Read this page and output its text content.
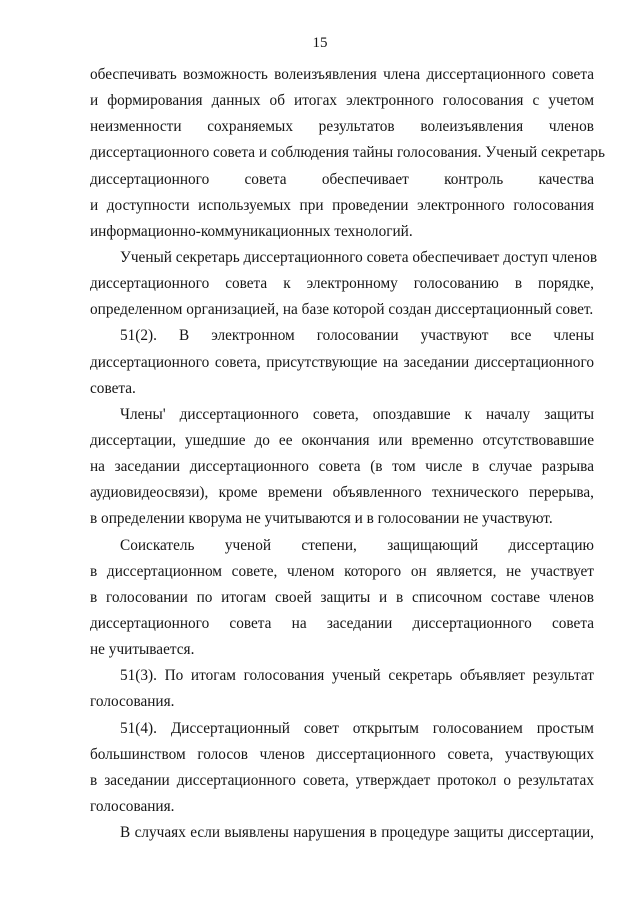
15
обеспечивать возможность волеизъявления члена диссертационного совета
и формирования данных об итогах электронного голосования с учетом
неизменности сохраняемых результатов волеизъявления членов
диссертационного совета и соблюдения тайны голосования. Ученый секретарь
диссертационного совета обеспечивает контроль качества
и доступности используемых при проведении электронного голосования
информационно-коммуникационных технологий.
Ученый секретарь диссертационного совета обеспечивает доступ членов
диссертационного совета к электронному голосованию в порядке,
определенном организацией, на базе которой создан диссертационный совет.
51(2). В электронном голосовании участвуют все члены
диссертационного совета, присутствующие на заседании диссертационного
совета.
Члены' диссертационного совета, опоздавшие к началу защиты
диссертации, ушедшие до ее окончания или временно отсутствовавшие
на заседании диссертационного совета (в том числе в случае разрыва
аудиовидеосвязи), кроме времени объявленного технического перерыва,
в определении кворума не учитываются и в голосовании не участвуют.
Соискатель ученой степени, защищающий диссертацию
в диссертационном совете, членом которого он является, не участвует
в голосовании по итогам своей защиты и в списочном составе членов
диссертационного совета на заседании диссертационного совета
не учитывается.
51(3). По итогам голосования ученый секретарь объявляет результат
голосования.
51(4). Диссертационный совет открытым голосованием простым
большинством голосов членов диссертационного совета, участвующих
в заседании диссертационного совета, утверждает протокол о результатах
голосования.
В случаях если выявлены нарушения в процедуре защиты диссертации,
